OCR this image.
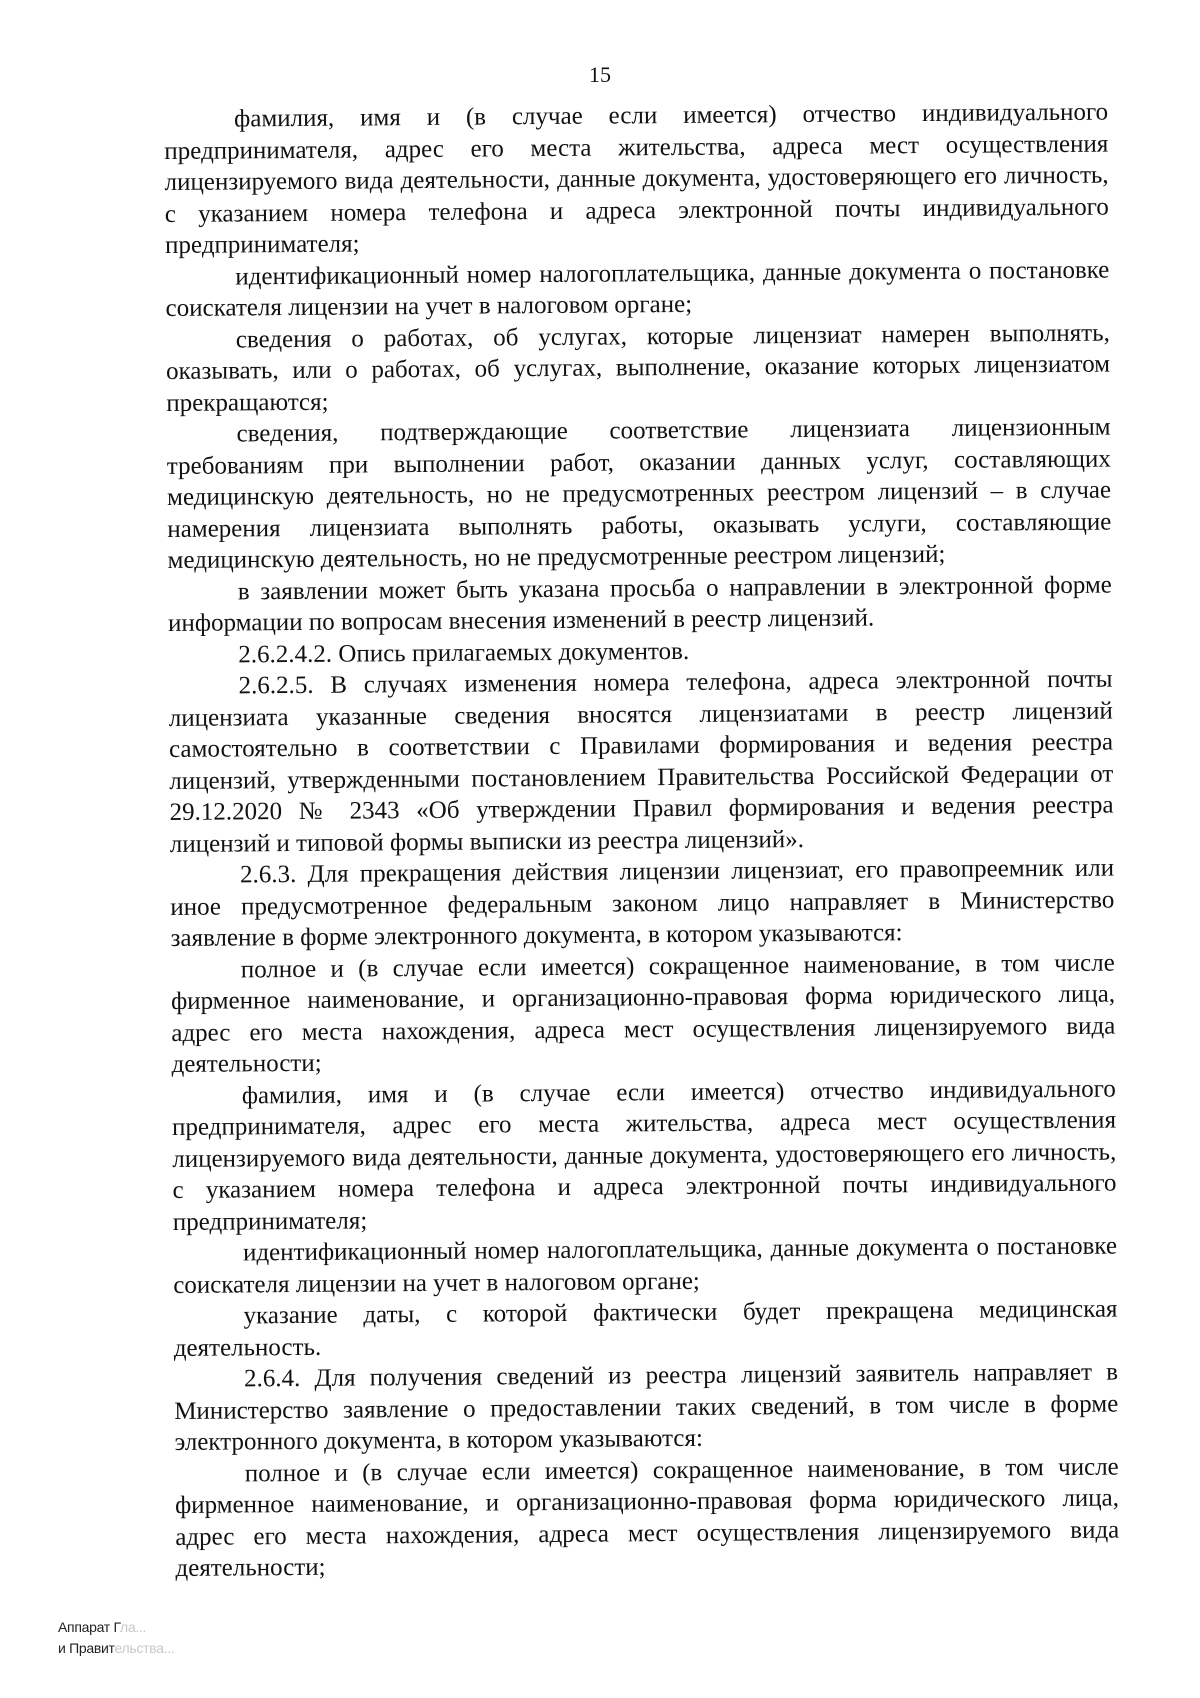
15

фамилия, имя и (в случае если имеется) отчество индивидуального предпринимателя, адрес его места жительства, адреса мест осуществления лицензируемого вида деятельности, данные документа, удостоверяющего его личность, с указанием номера телефона и адреса электронной почты индивидуального предпринимателя;

идентификационный номер налогоплательщика, данные документа о постановке соискателя лицензии на учет в налоговом органе;

сведения о работах, об услугах, которые лицензиат намерен выполнять, оказывать, или о работах, об услугах, выполнение, оказание которых лицензиатом прекращаются;

сведения, подтверждающие соответствие лицензиата лицензионным требованиям при выполнении работ, оказании данных услуг, составляющих медицинскую деятельность, но не предусмотренных реестром лицензий – в случае намерения лицензиата выполнять работы, оказывать услуги, составляющие медицинскую деятельность, но не предусмотренные реестром лицензий;

в заявлении может быть указана просьба о направлении в электронной форме информации по вопросам внесения изменений в реестр лицензий.

2.6.2.4.2. Опись прилагаемых документов.

2.6.2.5. В случаях изменения номера телефона, адреса электронной почты лицензиата указанные сведения вносятся лицензиатами в реестр лицензий самостоятельно в соответствии с Правилами формирования и ведения реестра лицензий, утвержденными постановлением Правительства Российской Федерации от 29.12.2020 № 2343 «Об утверждении Правил формирования и ведения реестра лицензий и типовой формы выписки из реестра лицензий».

2.6.3. Для прекращения действия лицензии лицензиат, его правопреемник или иное предусмотренное федеральным законом лицо направляет в Министерство заявление в форме электронного документа, в котором указываются:

полное и (в случае если имеется) сокращенное наименование, в том числе фирменное наименование, и организационно-правовая форма юридического лица, адрес его места нахождения, адреса мест осуществления лицензируемого вида деятельности;

фамилия, имя и (в случае если имеется) отчество индивидуального предпринимателя, адрес его места жительства, адреса мест осуществления лицензируемого вида деятельности, данные документа, удостоверяющего его личность, с указанием номера телефона и адреса электронной почты индивидуального предпринимателя;

идентификационный номер налогоплательщика, данные документа о постановке соискателя лицензии на учет в налоговом органе;

указание даты, с которой фактически будет прекращена медицинская деятельность.

2.6.4. Для получения сведений из реестра лицензий заявитель направляет в Министерство заявление о предоставлении таких сведений, в том числе в форме электронного документа, в котором указываются:

полное и (в случае если имеется) сокращенное наименование, в том числе фирменное наименование, и организационно-правовая форма юридического лица, адрес его места нахождения, адреса мест осуществления лицензируемого вида деятельности;

Аппарат Гла...
и Правительства...
